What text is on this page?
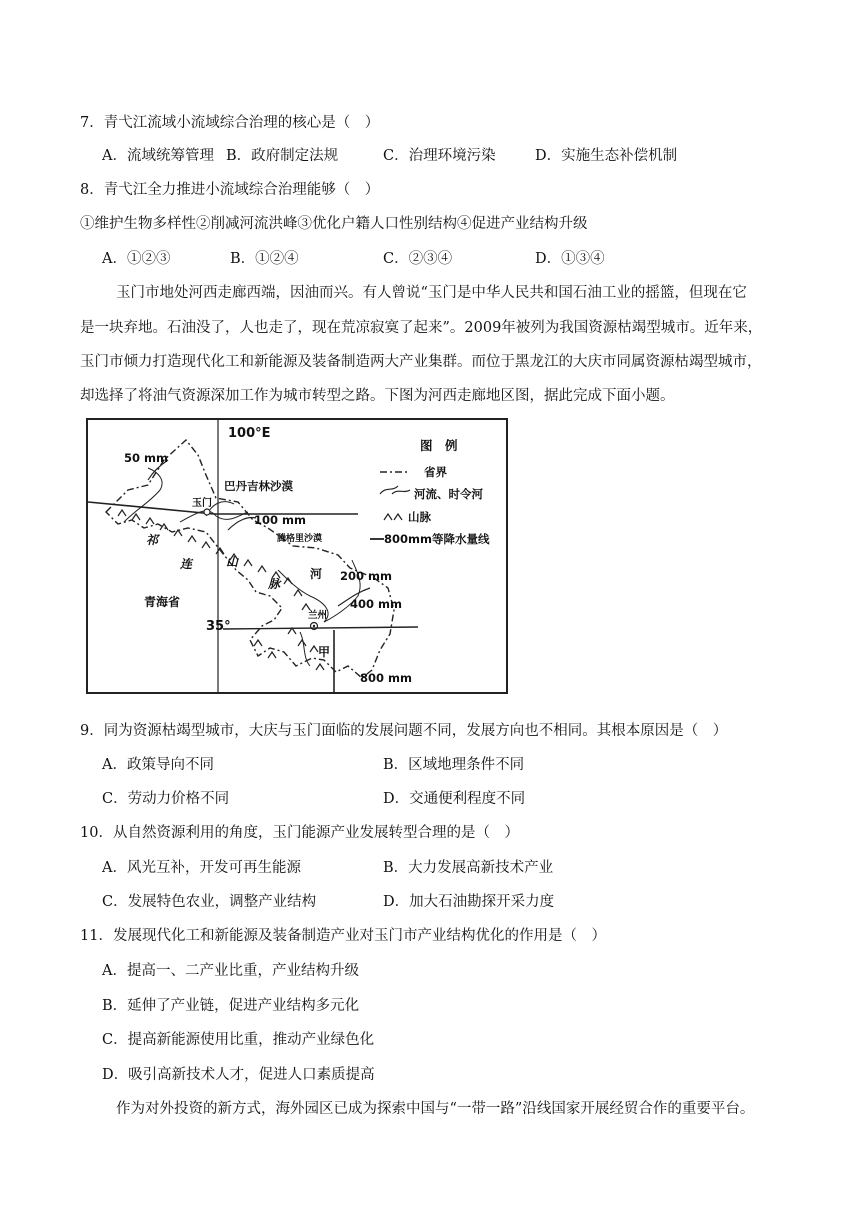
7．青弋江流域小流域综合治理的核心是（　）
A．流域统筹管理 B．政府制定法规	C．治理环境污染	D．实施生态补偿机制
8．青弋江全力推进小流域综合治理能够（　）
①维护生物多样性②削减河流洪峰③优化户籍人口性别结构④促进产业结构升级
A．①②③	B．①②④	C．②③④	D．①③④
玉门市地处河西走廊西端，因油而兴。有人曾说“玉门是中华人民共和国石油工业的摇篮，但现在它
是一块弃地。石油没了，人也走了，现在荒凉寂寞了起来”。2009年被列为我国资源枯竭型城市。近年来，
玉门市倾力打造现代化工和新能源及装备制造两大产业集群。而位于黑龙江的大庆市同属资源枯竭型城市，
却选择了将油气资源深加工作为城市转型之路。下图为河西走廊地区图，据此完成下面小题。
100°E
35°
50 mm
100 mm
200 mm
400 mm
800 mm
巴丹吉林沙漠
腾格里沙漠
玉门
青海省
兰州
河
甲
祁
连	山
脉
图　例
省界
河流、时令河
山脉
800mm等降水量线
9．同为资源枯竭型城市，大庆与玉门面临的发展问题不同，发展方向也不相同。其根本原因是（　）
A．政策导向不同	B．区域地理条件不同
C．劳动力价格不同	D．交通便利程度不同
10．从自然资源利用的角度，玉门能源产业发展转型合理的是（　）
A．风光互补，开发可再生能源	B．大力发展高新技术产业
C．发展特色农业，调整产业结构	D．加大石油勘探开采力度
11．发展现代化工和新能源及装备制造产业对玉门市产业结构优化的作用是（　）
A．提高一、二产业比重，产业结构升级
B．延伸了产业链，促进产业结构多元化
C．提高新能源使用比重，推动产业绿色化
D．吸引高新技术人才，促进人口素质提高
作为对外投资的新方式，海外园区已成为探索中国与“一带一路”沿线国家开展经贸合作的重要平台。
